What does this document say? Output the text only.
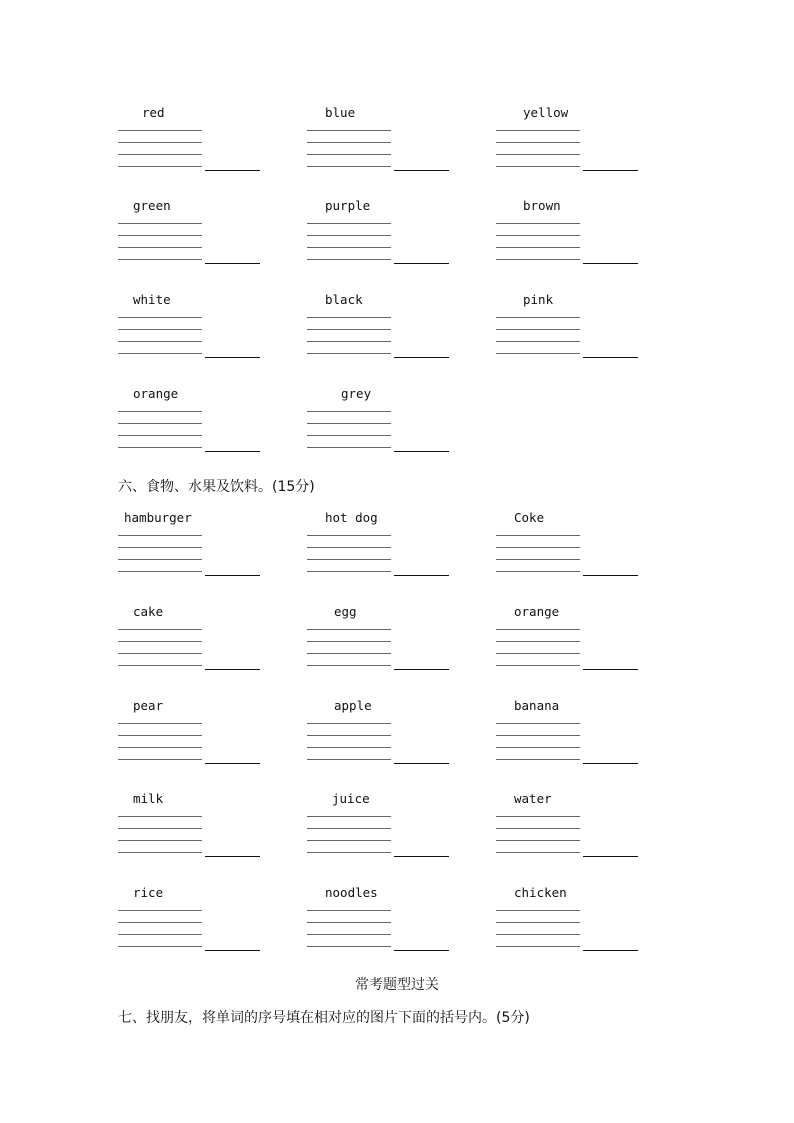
red	blue	yellow
green	purple	brown
white	black	pink
orange	grey
六、食物、水果及饮料。(15分)
hamburger	hot dog	Coke
cake	egg	orange
pear	apple	banana
milk	juice	water
rice	noodles	chicken
常考题型过关
七、找朋友，将单词的序号填在相对应的图片下面的括号内。(5分)
